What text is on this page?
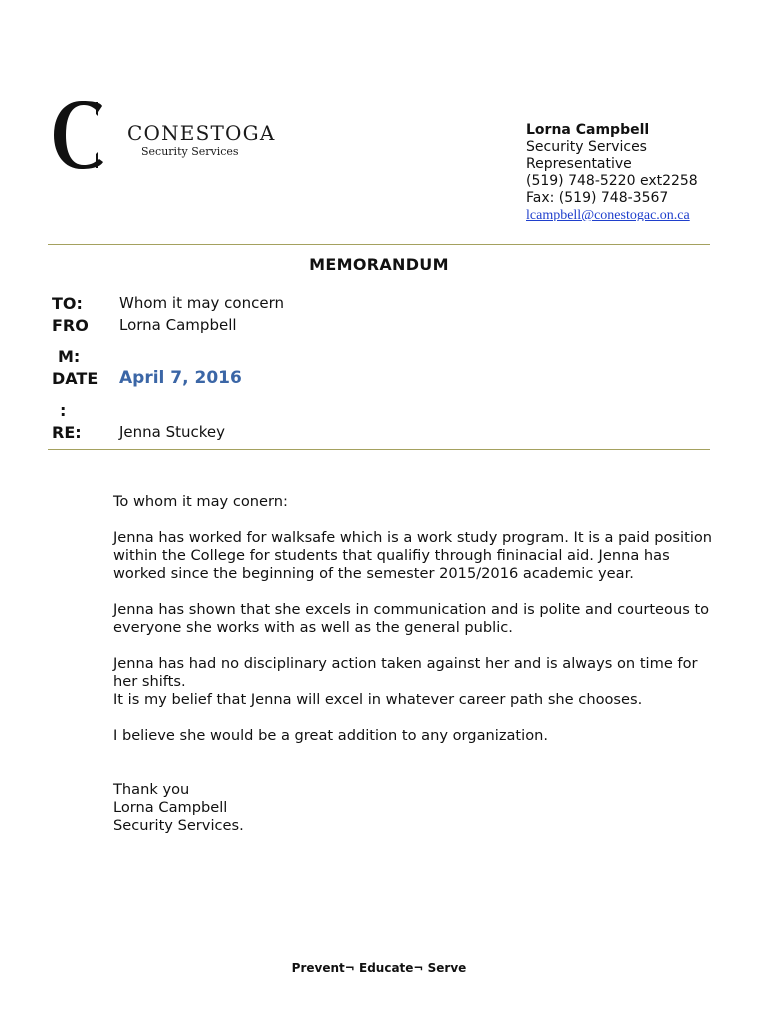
CONESTOGA
Security Services
Lorna Campbell
Security Services
Representative
(519) 748-5220 ext2258
Fax: (519) 748-3567
lcampbell@conestogac.on.ca
MEMORANDUM
TO: Whom it may concern
FRO
M:
Lorna Campbell
DATE
:
April 7, 2016
RE: Jenna Stuckey

To whom it may conern:

Jenna has worked for walksafe which is a work study program. It is a paid position within the College for students that qualifiy through fininacial aid. Jenna has worked since the beginning of the semester 2015/2016 academic year.

Jenna has shown that she excels in communication and is polite and courteous to everyone she works with as well as the general public.

Jenna has had no disciplinary action taken against her and is always on time for her shifts.

It is my belief that Jenna will excel in whatever career path she chooses.

I believe she would be a great addition to any organization.

Thank you

Lorna Campbell

Security Services.

Prevent¬ Educate¬ Serve
